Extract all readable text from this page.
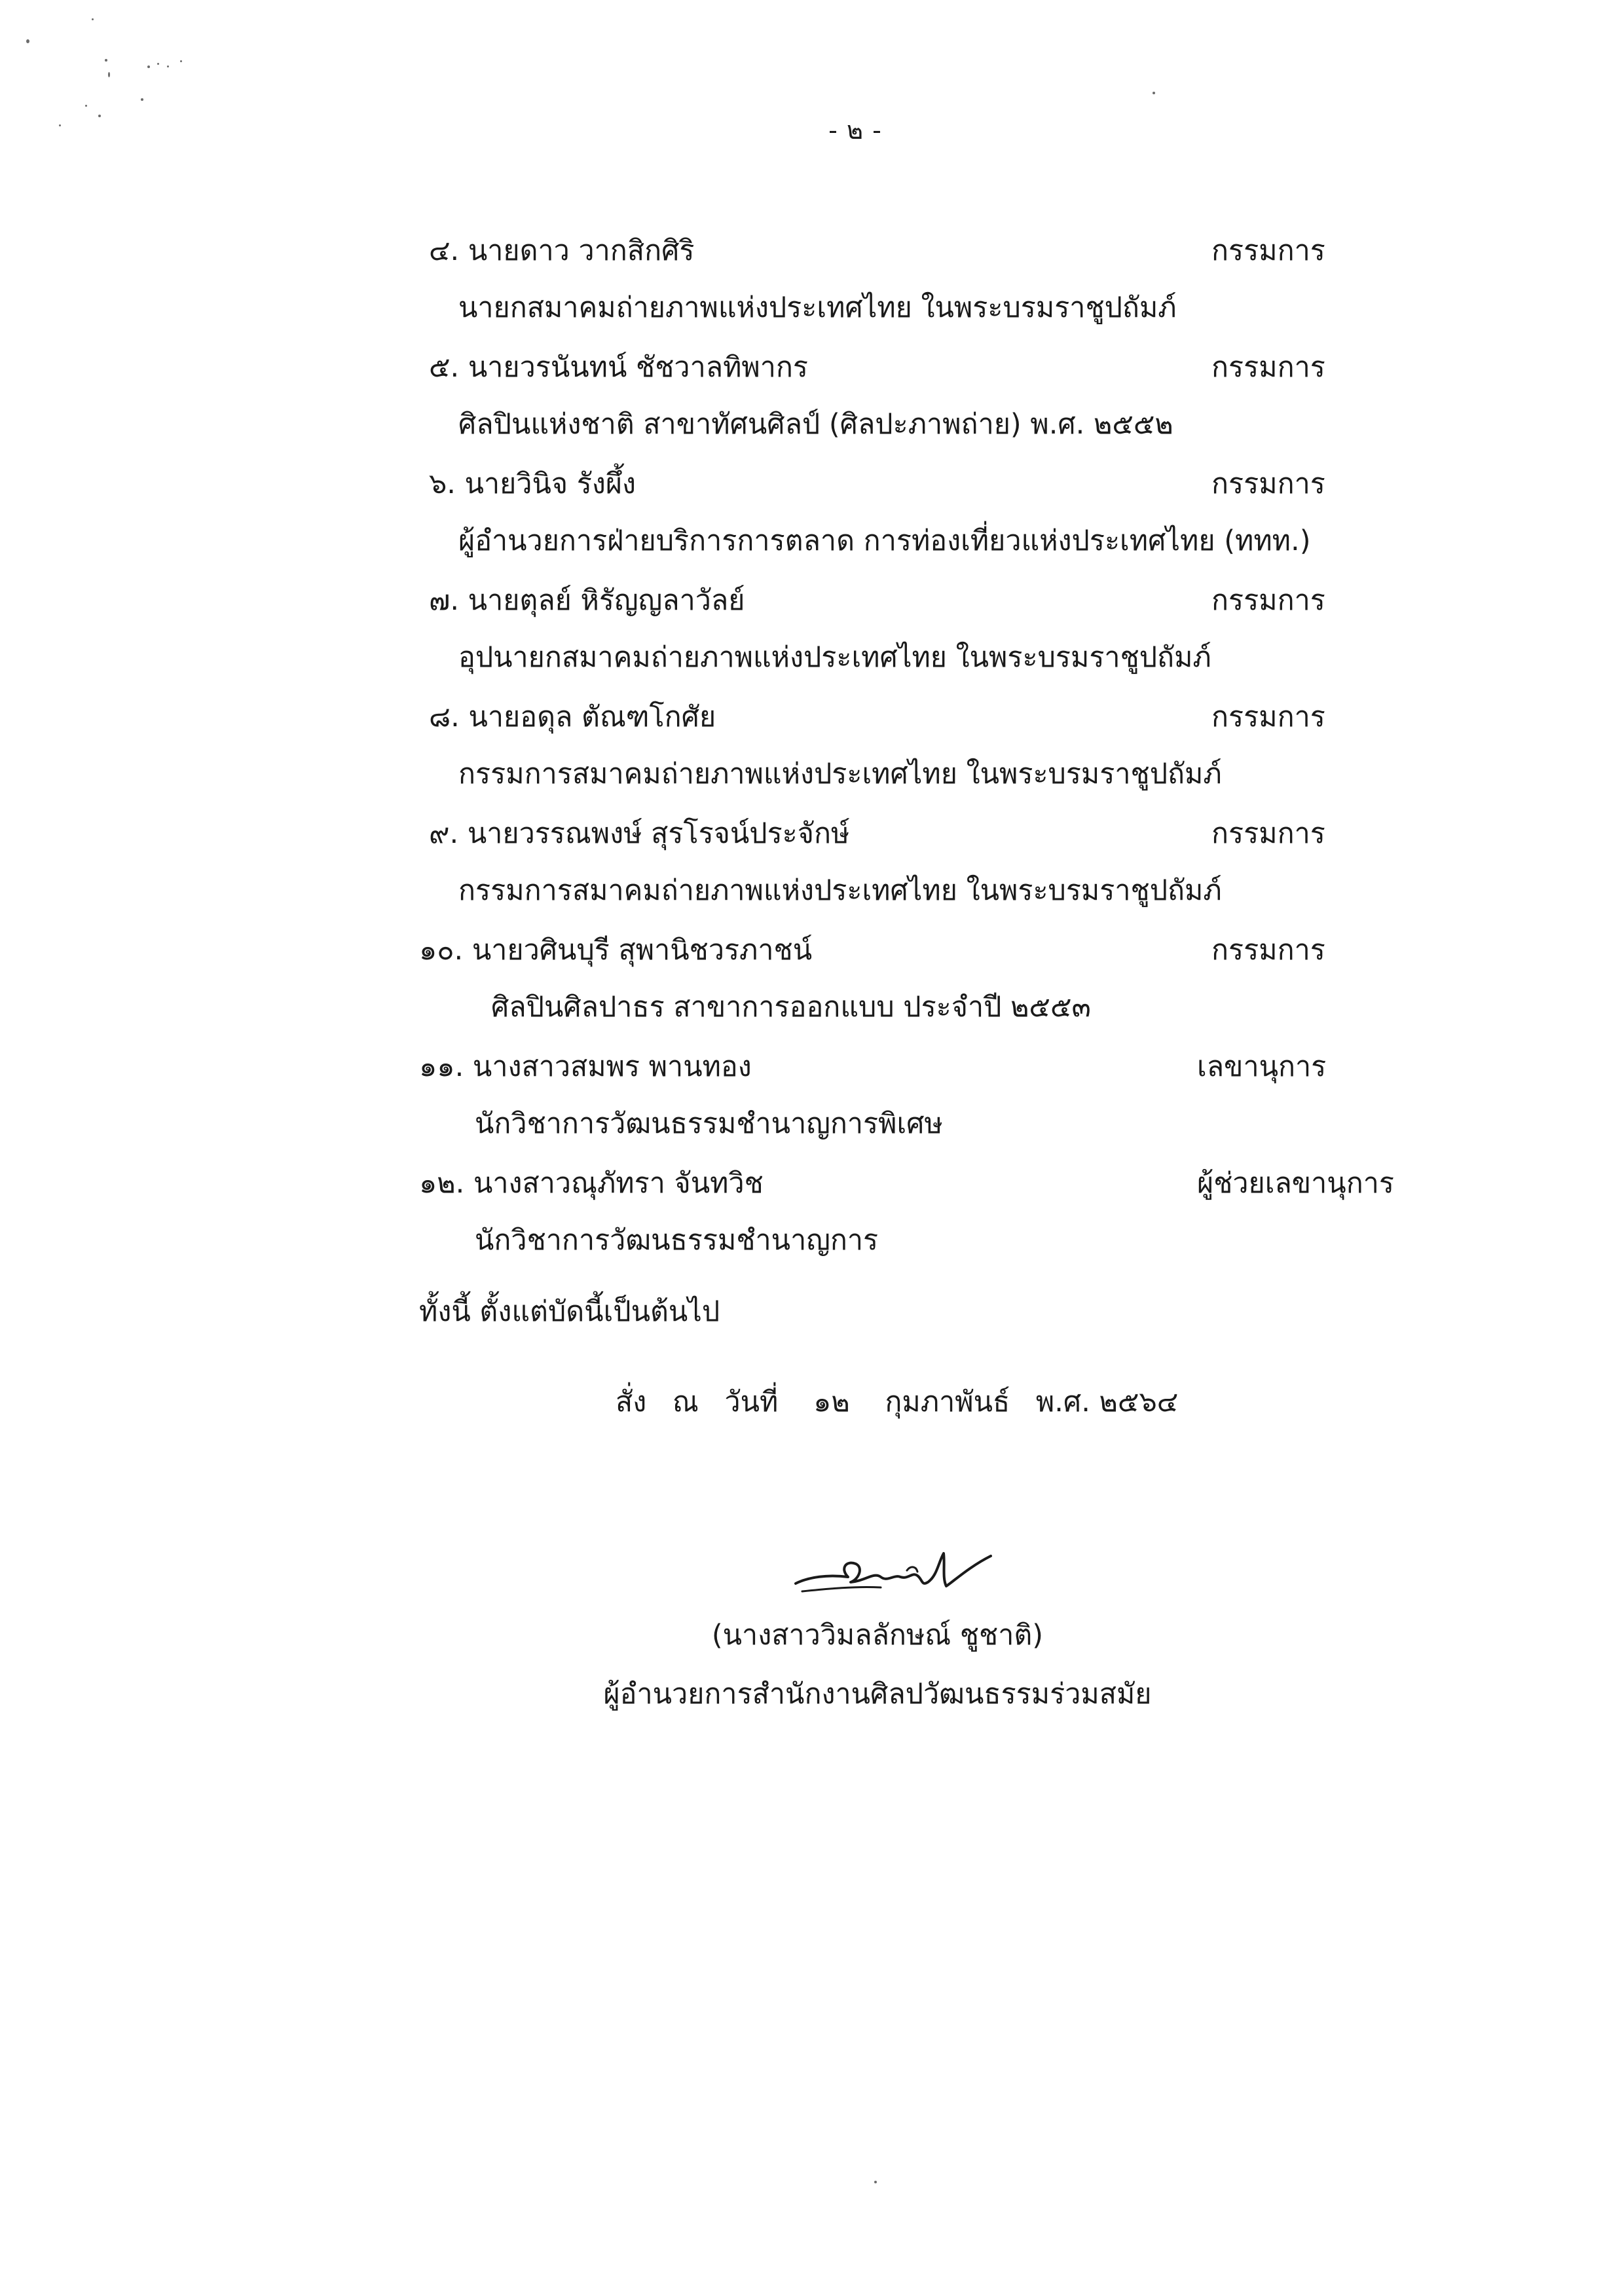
- ๒ -
๔. นายดาว วากสิกศิริ	กรรมการ
นายกสมาคมถ่ายภาพแห่งประเทศไทย ในพระบรมราชูปถัมภ์
๕. นายวรนันทน์ ชัชวาลทิพากร	กรรมการ
ศิลปินแห่งชาติ สาขาทัศนศิลป์ (ศิลปะภาพถ่าย) พ.ศ. ๒๕๕๒
๖. นายวินิจ รังผึ้ง	กรรมการ
ผู้อำนวยการฝ่ายบริการการตลาด การท่องเที่ยวแห่งประเทศไทย (ททท.)
๗. นายตุลย์ หิรัญญลาวัลย์	กรรมการ
อุปนายกสมาคมถ่ายภาพแห่งประเทศไทย ในพระบรมราชูปถัมภ์
๘. นายอดุล ตัณฑโกศัย	กรรมการ
กรรมการสมาคมถ่ายภาพแห่งประเทศไทย ในพระบรมราชูปถัมภ์
๙. นายวรรณพงษ์ สุรโรจน์ประจักษ์	กรรมการ
กรรมการสมาคมถ่ายภาพแห่งประเทศไทย ในพระบรมราชูปถัมภ์
๑๐. นายวศินบุรี สุพานิชวรภาชน์	กรรมการ
ศิลปินศิลปาธร สาขาการออกแบบ ประจำปี ๒๕๕๓
๑๑. นางสาวสมพร พานทอง	เลขานุการ
นักวิชาการวัฒนธรรมชำนาญการพิเศษ
๑๒. นางสาวณุภัทรา จันทวิช	ผู้ช่วยเลขานุการ
นักวิชาการวัฒนธรรมชำนาญการ
ทั้งนี้ ตั้งแต่บัดนี้เป็นต้นไป
สั่ง ณ วันที่ ๑๒ กุมภาพันธ์ พ.ศ. ๒๕๖๔
(นางสาววิมลลักษณ์ ชูชาติ)
ผู้อำนวยการสำนักงานศิลปวัฒนธรรมร่วมสมัย
